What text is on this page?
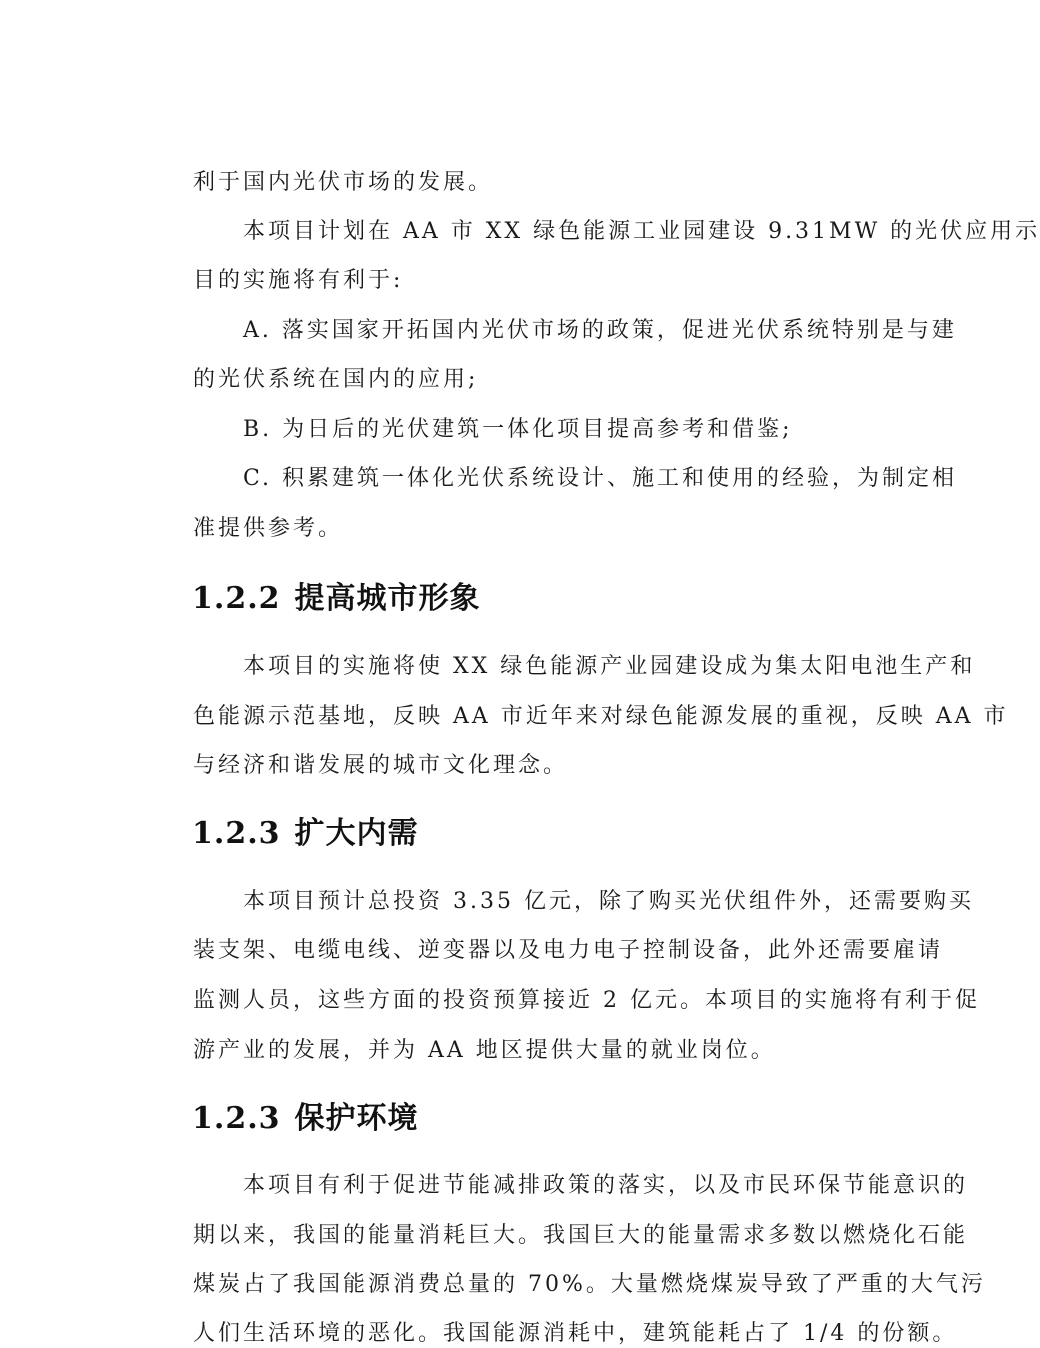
利于国内光伏市场的发展。
本项目计划在 AA 市 XX 绿色能源工业园建设 9.31MW 的光伏应用示
目的实施将有利于:
A. 落实国家开拓国内光伏市场的政策，促进光伏系统特别是与建
的光伏系统在国内的应用;
B. 为日后的光伏建筑一体化项目提高参考和借鉴;
C. 积累建筑一体化光伏系统设计、施工和使用的经验，为制定相
准提供参考。
1.2.2 提高城市形象
本项目的实施将使 XX 绿色能源产业园建设成为集太阳电池生产和
色能源示范基地，反映 AA 市近年来对绿色能源发展的重视，反映 AA 市
与经济和谐发展的城市文化理念。
1.2.3 扩大内需
本项目预计总投资 3.35 亿元，除了购买光伏组件外，还需要购买
装支架、电缆电线、逆变器以及电力电子控制设备，此外还需要雇请
监测人员，这些方面的投资预算接近 2 亿元。本项目的实施将有利于促
游产业的发展，并为 AA 地区提供大量的就业岗位。
1.2.3 保护环境
本项目有利于促进节能减排政策的落实，以及市民环保节能意识的
期以来，我国的能量消耗巨大。我国巨大的能量需求多数以燃烧化石能
煤炭占了我国能源消费总量的 70%。大量燃烧煤炭导致了严重的大气污
人们生活环境的恶化。我国能源消耗中，建筑能耗占了 1/4 的份额。
